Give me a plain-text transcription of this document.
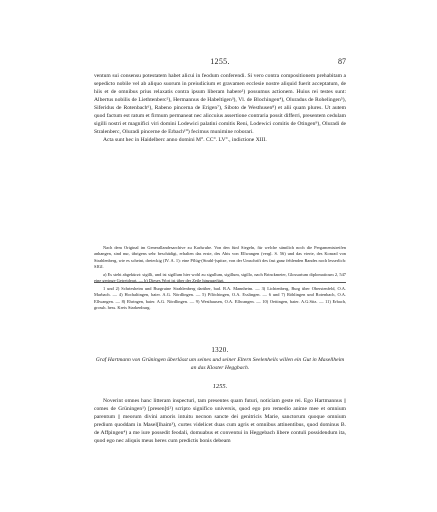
1255.	87

ventum sui consensu potestatem habet alicui in feodum conferendi. Si vero contra compositionem prehabitam a sepedicto nobile vel ab aliquo suorum in preiudicium et gravamen ecclesie nostre aliquid fuerit acceptatum, de hiis et de omnibus prius relaxatis contra ipsum liberam habere¹) possumus actionem. Huius rei testes sunt: Albertus nobilis de Liethtenberc²), Hermannus de Habeltigen³), Vl. de Blochingen⁴), Oluradus de Rohelingen⁵), Siferidus de Rotenbach⁶), Rabeno pincerna de Erigen⁷), Siboto de Westhusen⁸) et alii quam plures. Ut autem quod factum est ratum et firmum permaneat nec aliccuius assertione contraria possit differri, presentem cedulam sigilli nostri et magnifici viri domini Lodewici palatini comitis Reni, Lodewici comitis de Otingen⁹), Oluradi de Stralenberc, Oluradi pincerne de Erbach¹⁰) fecimus munimine roborari.

Acta sunt hec in Haidelberc anno domini M°. CC°. LV°., indictione XIII.

Nach dem Original im Generallandesarchive zu Karlsruhe. Von den fünf Siegeln, für welche sämtlich noch die Pergamentstreifen anhangen, sind nur, übrigens sehr beschädigt, erhalten das erste, des Abts von Ellwangen (vergl. S. 56) und das vierte, des Konrad von Strahlenberg, wie es scheint, dreieckig (IV. A. 1): eine Pflüg-(Strahl-)spitze, von der Umschrift des fast ganz fehlenden Randes noch lesserlich: SIGI.

a) Es steht abgekürzt: sigilli, und ist sigillum hier wohl zu sigullum, sigillum, sigillo, nach Brinckmeier, Glossarium diplomaticum 2, 547 eine geringe Getreideart. — b) Dieses Wort ist über der Zeile hinzugefügt.

1 und 2) Schriesheim und Burgruine Strahlenberg darüber, bad. B.A. Mannheim. — 3) Lichtenberg, Burg über Oberstenfeld, O.A. Marbach. — 4) Hochaltingen, baier. A.G. Nördlingen. — 5) Pflöchingen, O.A. Esslingen. — 6 und 7) Röhlingen und Rotenbach, O.A. Ellwangen. — 8) Ehringen, baier. A.G. Nördlingen. — 9) Westhausen, O.A. Ellwangen. — 10) Oettingen, baier. A.G.Sitz. — 11) Erbach, grossh. hess. Kreis Starkenburg.

1320.
Graf Hartmann von Grüningen überlässt um seines und seiner Eltern Seelenheils willen ein Gut in Masellheim an das Kloster Heggbach.
1255.

Noverint omnes hanc litteram inspecturi, tam presentes quam futuri, noticiam geste rei. Ego Hartmannus || comes de Grüningen¹) [presen]ti²) scripto significo universis, quod ego pro remedio anime mee et omnium parentum || meorum divini amoris intuitu necnon sancte dei genitricis Marie, sanctorum quoque omnium predium quoddam in Masel[lhaim³), curtes videlicet duas cum agris et omnibus attinentibus, quod dominus B. de Affpingen⁴) a me iure possedit feodali, domuabus et conventui in Heggebach libere contuli possidendum ita, quod ego nec aliquis meus heres cum predictis bonis debeam
